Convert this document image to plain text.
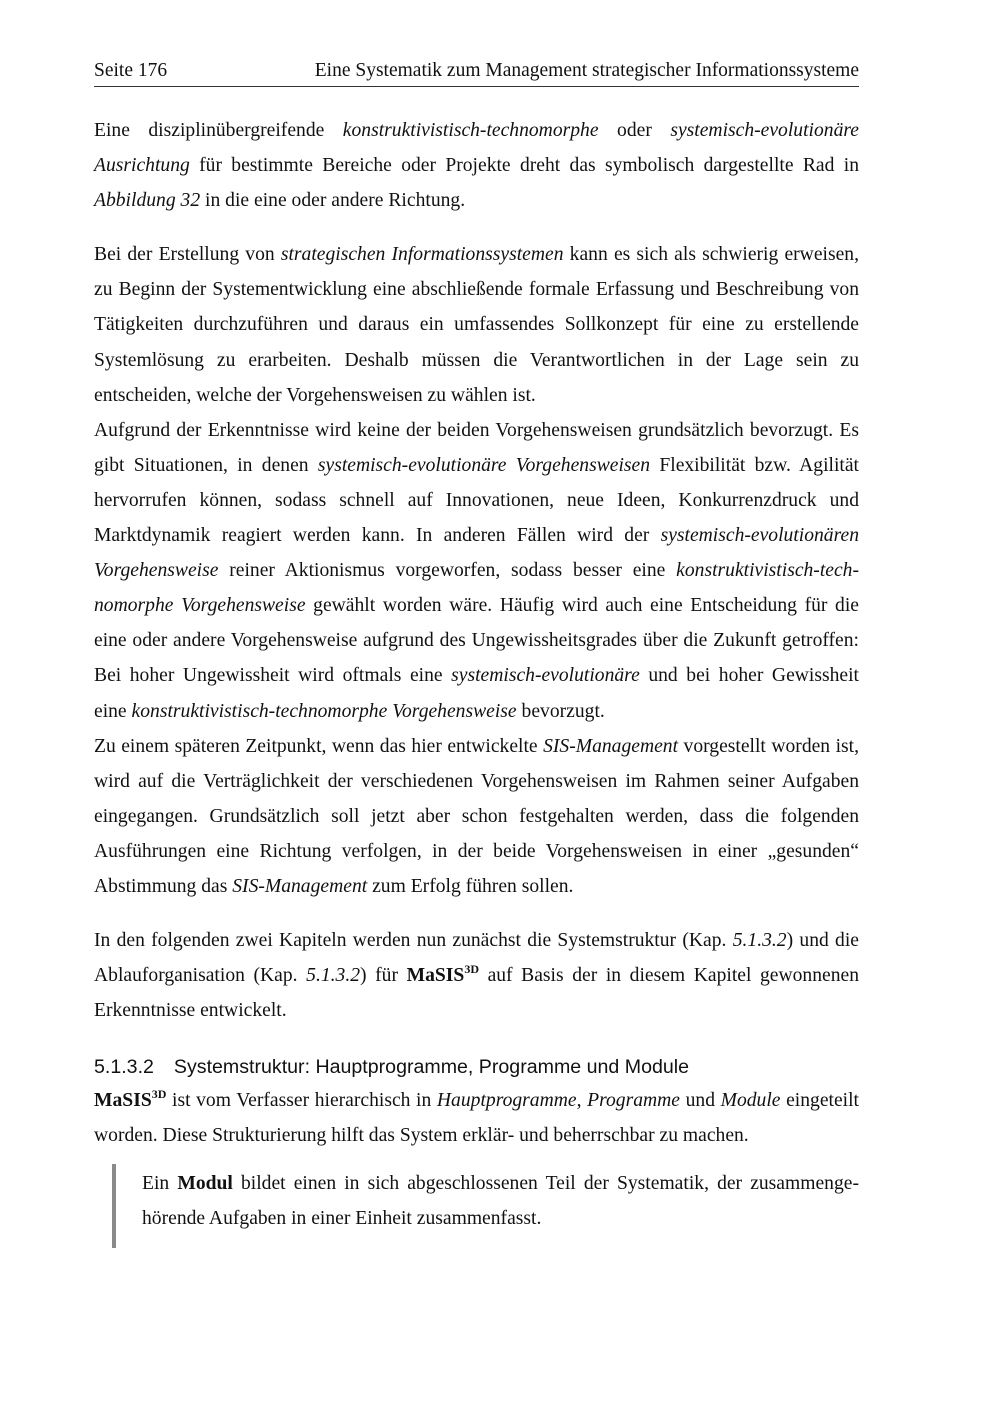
Seite 176	Eine Systematik zum Management strategischer Informationssysteme

Eine disziplinübergreifende konstruktivistisch-technomorphe oder systemisch-evolutionäre Ausrichtung für bestimmte Bereiche oder Projekte dreht das symbolisch dargestellte Rad in Abbildung 32 in die eine oder andere Richtung.

Bei der Erstellung von strategischen Informationssystemen kann es sich als schwierig erweisen, zu Beginn der Systementwicklung eine abschließende formale Erfassung und Beschreibung von Tätigkeiten durchzuführen und daraus ein umfassendes Sollkonzept für eine zu erstellende Systemlösung zu erarbeiten. Deshalb müssen die Verantwortlichen in der Lage sein zu entscheiden, welche der Vorgehensweisen zu wählen ist.

Aufgrund der Erkenntnisse wird keine der beiden Vorgehensweisen grundsätzlich bevorzugt. Es gibt Situationen, in denen systemisch-evolutionäre Vorgehensweisen Flexibilität bzw. Agilität hervorrufen können, sodass schnell auf Innovationen, neue Ideen, Konkurrenzdruck und Marktdynamik reagiert werden kann. In anderen Fällen wird der systemisch-evolutionären Vorgehensweise reiner Aktionismus vorgeworfen, sodass besser eine konstruktivistisch-technomorphe Vorgehensweise gewählt worden wäre. Häufig wird auch eine Entscheidung für die eine oder andere Vorgehensweise aufgrund des Ungewissheitsgrades über die Zukunft getroffen: Bei hoher Ungewissheit wird oftmals eine systemisch-evolutionäre und bei hoher Gewissheit eine konstruktivistisch-technomorphe Vorgehensweise bevorzugt.

Zu einem späteren Zeitpunkt, wenn das hier entwickelte SIS-Management vorgestellt worden ist, wird auf die Verträglichkeit der verschiedenen Vorgehensweisen im Rahmen seiner Aufgaben eingegangen. Grundsätzlich soll jetzt aber schon festgehalten werden, dass die folgenden Ausführungen eine Richtung verfolgen, in der beide Vorgehensweisen in einer „gesunden“ Abstimmung das SIS-Management zum Erfolg führen sollen.

In den folgenden zwei Kapiteln werden nun zunächst die Systemstruktur (Kap. 5.1.3.2) und die Ablauforganisation (Kap. 5.1.3.2) für MaSIS$^{3D}$ auf Basis der in diesem Kapitel gewonnenen Erkenntnisse entwickelt.

5.1.3.2 Systemstruktur: Hauptprogramme, Programme und Module

MaSIS$^{3D}$ ist vom Verfasser hierarchisch in Hauptprogramme, Programme und Module eingeteilt worden. Diese Strukturierung hilft das System erklär- und beherrschbar zu machen.

Ein Modul bildet einen in sich abgeschlossenen Teil der Systematik, der zusammengehörende Aufgaben in einer Einheit zusammenfasst.
